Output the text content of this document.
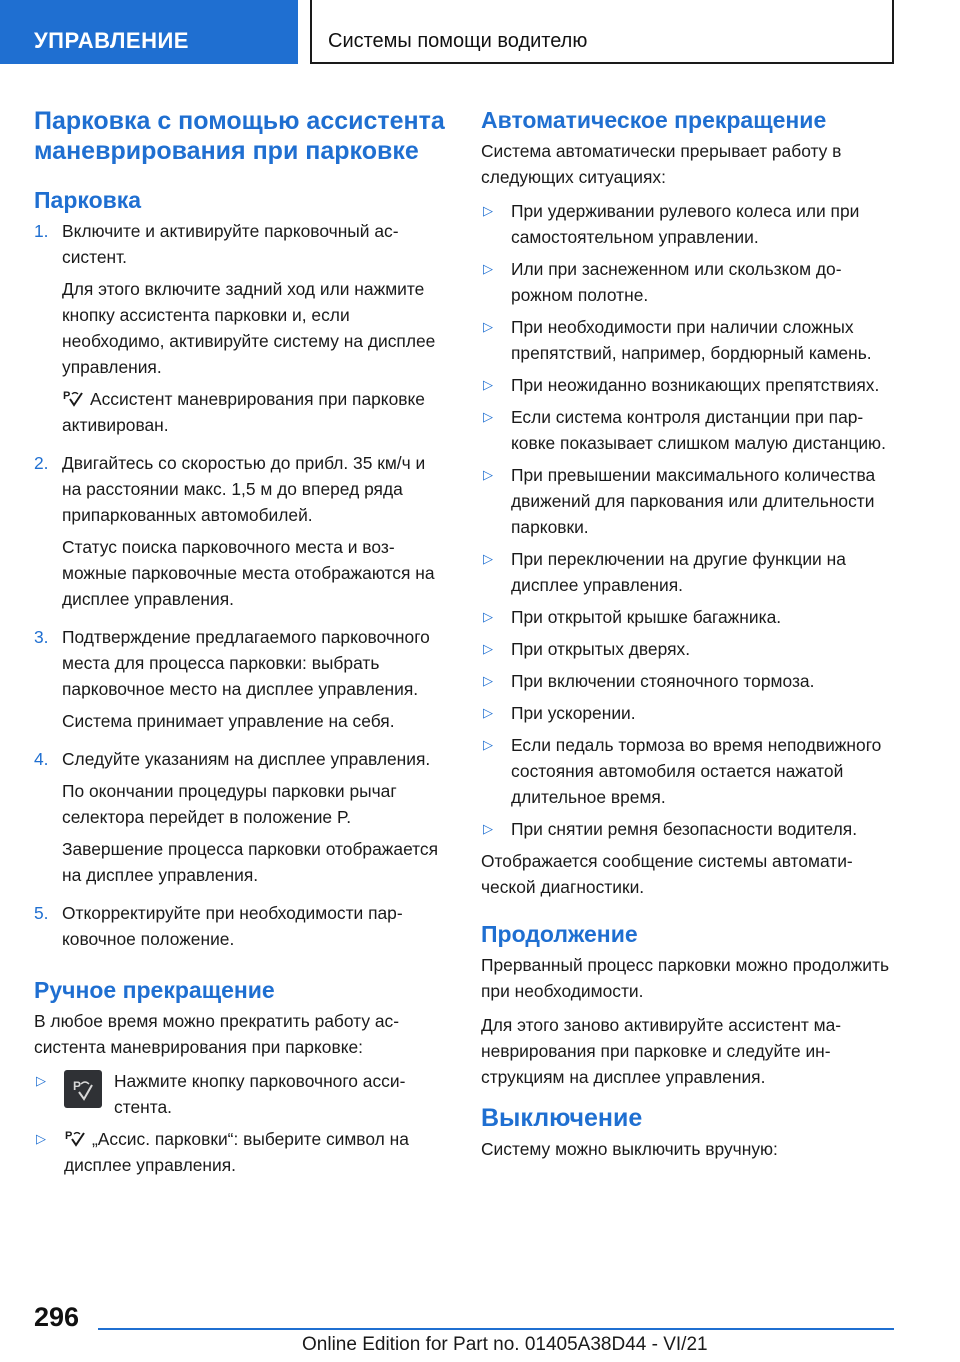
УПРАВЛЕНИЕ	Системы помощи водителю
Парковка с помощью ассистента маневрирования при парковке
Парковка
1. Включите и активируйте парковочный ассистент.
Для этого включите задний ход или нажмите кнопку ассистента парковки и, если необходимо, активируйте систему на дисплее управления.
P Ассистент маневрирования при парковке активирован.
2. Двигайтесь со скоростью до прибл. 35 км/ч и на расстоянии макс. 1,5 м до вперед ряда припаркованных автомобилей.
Статус поиска парковочного места и возможные парковочные места отображаются на дисплее управления.
3. Подтверждение предлагаемого парковочного места для процесса парковки: выбрать парковочное место на дисплее управления.
Система принимает управление на себя.
4. Следуйте указаниям на дисплее управления.
По окончании процедуры парковки рычаг селектора перейдет в положение P.
Завершение процесса парковки отображается на дисплее управления.
5. Откорректируйте при необходимости парковочное положение.
Ручное прекращение
В любое время можно прекратить работу ассистента маневрирования при парковке:
▷	P Нажмите кнопку парковочного ассистента.
▷	P „Ассис. парковки“: выберите символ на дисплее управления.
Автоматическое прекращение
Система автоматически прерывает работу в следующих ситуациях:
▷	При удерживании рулевого колеса или при самостоятельном управлении.
▷	Или при заснеженном или скользком дорожном полотне.
▷	При необходимости при наличии сложных препятствий, например, бордюрный камень.
▷	При неожиданно возникающих препятствиях.
▷	Если система контроля дистанции при парковке показывает слишком малую дистанцию.
▷	При превышении максимального количества движений для паркования или длительности парковки.
▷	При переключении на другие функции на дисплее управления.
▷	При открытой крышке багажника.
▷	При открытых дверях.
▷	При включении стояночного тормоза.
▷	При ускорении.
▷	Если педаль тормоза во время неподвижного состояния автомобиля остается нажатой длительное время.
▷	При снятии ремня безопасности водителя.
Отображается сообщение системы автоматической диагностики.
Продолжение
Прерванный процесс парковки можно продолжить при необходимости.
Для этого заново активируйте ассистент маневрирования при парковке и следуйте инструкциям на дисплее управления.
Выключение
Систему можно выключить вручную:
296
Online Edition for Part no. 01405A38D44 - VI/21
